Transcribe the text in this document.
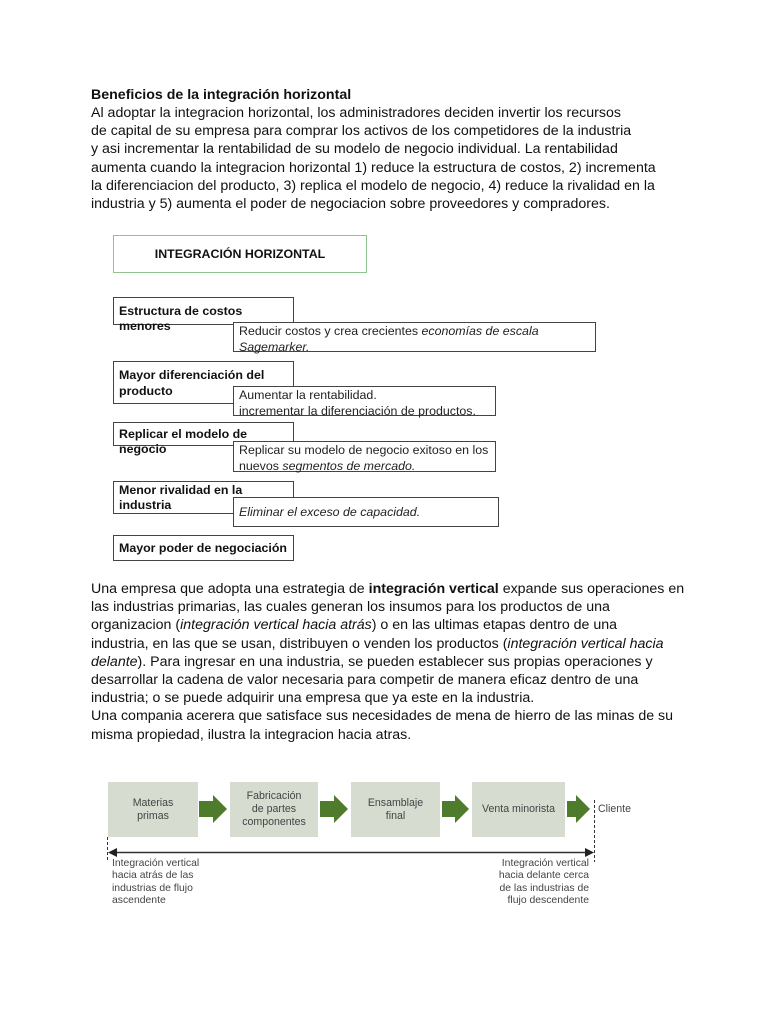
Beneficios de la integración horizontal
Al adoptar la integracion horizontal, los administradores deciden invertir los recursos
de capital de su empresa para comprar los activos de los competidores de la industria
y asi incrementar la rentabilidad de su modelo de negocio individual. La rentabilidad
aumenta cuando la integracion horizontal 1) reduce la estructura de costos, 2) incrementa
la diferenciacion del producto, 3) replica el modelo de negocio, 4) reduce la rivalidad en la
industria y 5) aumenta el poder de negociacion sobre proveedores y compradores.
INTEGRACIÓN HORIZONTAL
Estructura de costos menores	Reducir costos y crea crecientes economías de escala
Sagemarker.
Mayor diferenciación del
producto	Aumentar la rentabilidad.
incrementar la diferenciación de productos.
Replicar el modelo de negocio	Replicar su modelo de negocio exitoso en los
nuevos segmentos de mercado.
Menor rivalidad en la
industria	Eliminar el exceso de capacidad.
Mayor poder de negociación
Una empresa que adopta una estrategia de integración vertical expande sus operaciones en
las industrias primarias, las cuales generan los insumos para los productos de una
organizacion (integración vertical hacia atrás) o en las ultimas etapas dentro de una
industria, en las que se usan, distribuyen o venden los productos (integración vertical hacia
delante). Para ingresar en una industria, se pueden establecer sus propias operaciones y
desarrollar la cadena de valor necesaria para competir de manera eficaz dentro de una
industria; o se puede adquirir una empresa que ya este en la industria.
Una compania acerera que satisface sus necesidades de mena de hierro de las minas de su
misma propiedad, ilustra la integracion hacia atras.
Materias
primas
Fabricación
de partes
componentes
Ensamblaje
final
Venta minorista	Cliente
Integración vertical
hacia atrás de las
industrias de flujo
ascendente
Integración vertical
hacia delante cerca
de las industrias de
flujo descendente
